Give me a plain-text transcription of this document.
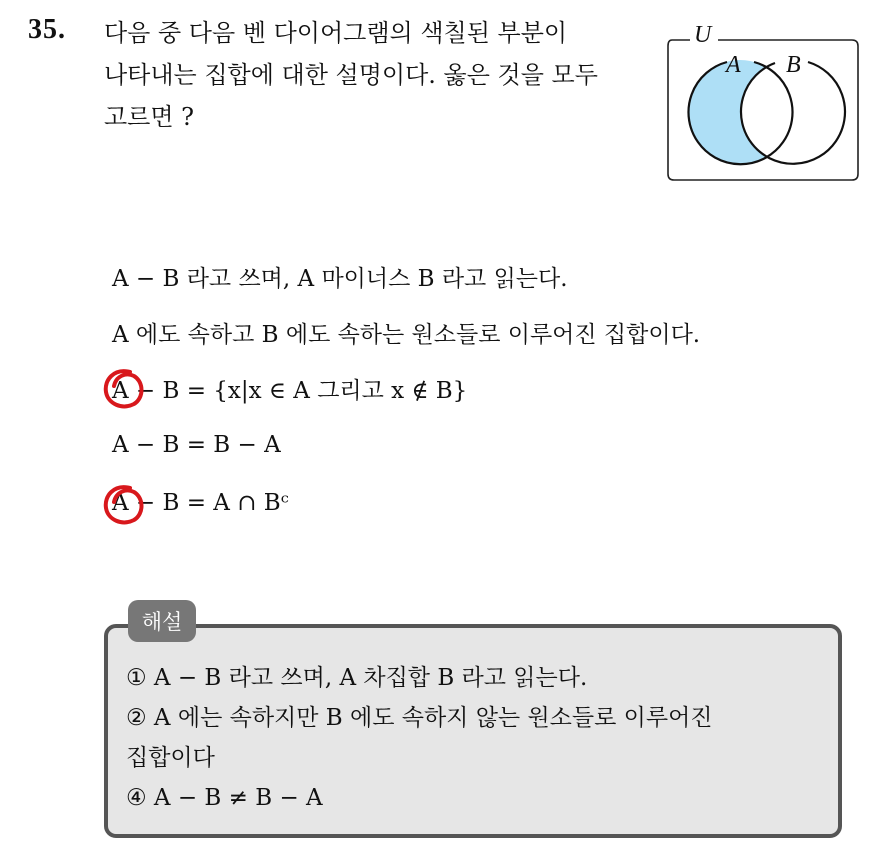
35. 다음 중 다음 벤 다이어그램의 색칠된 부분이
나타내는 집합에 대한 설명이다. 옳은 것을 모두
고르면 ?
U
A B
A − B 라고 쓰며, A 마이너스 B 라고 읽는다.
A 에도 속하고 B 에도 속하는 원소들로 이루어진 집합이다.
A − B = {x|x ∈ A 그리고 x ∉ B}
A − B = B − A
A − B = A ∩ Bᶜ
해설
① A − B 라고 쓰며, A 차집합 B 라고 읽는다.
② A 에는 속하지만 B 에도 속하지 않는 원소들로 이루어진
집합이다
④ A − B ≠ B − A
